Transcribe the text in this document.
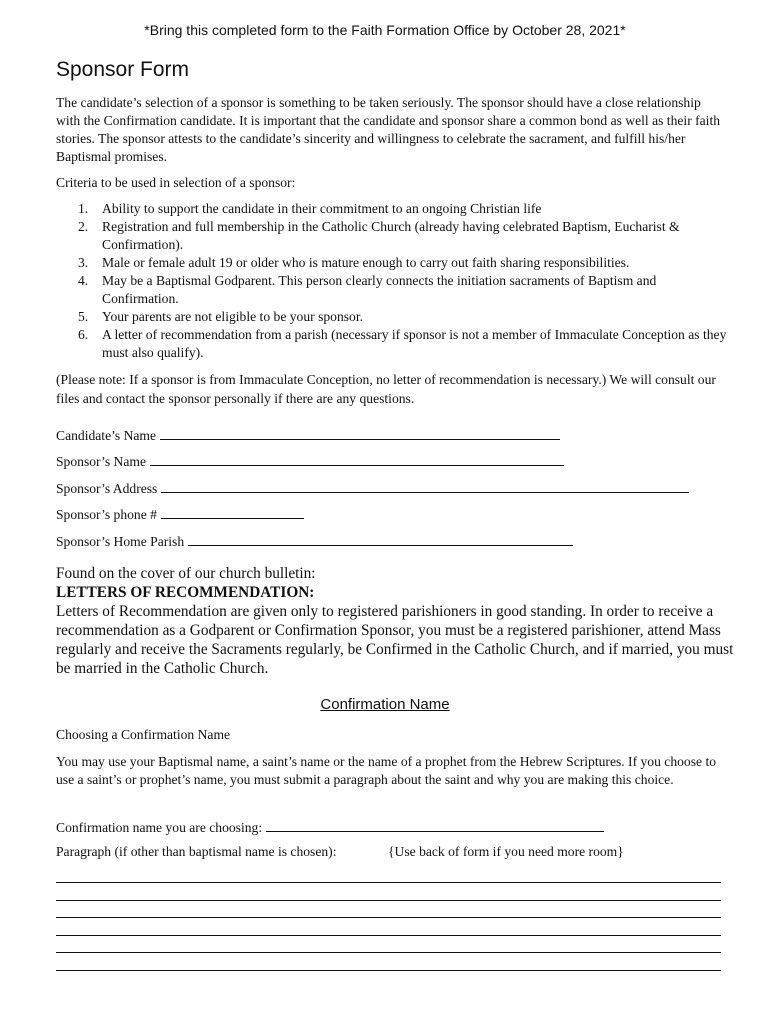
*Bring this completed form to the Faith Formation Office by October 28, 2021*

Sponsor Form

The candidate’s selection of a sponsor is something to be taken seriously. The sponsor should have a close relationship with the Confirmation candidate. It is important that the candidate and sponsor share a common bond as well as their faith stories. The sponsor attests to the candidate’s sincerity and willingness to celebrate the sacrament, and fulfill his/her Baptismal promises.

Criteria to be used in selection of a sponsor:

1. Ability to support the candidate in their commitment to an ongoing Christian life
2. Registration and full membership in the Catholic Church (already having celebrated Baptism, Eucharist & Confirmation).
3. Male or female adult 19 or older who is mature enough to carry out faith sharing responsibilities.
4. May be a Baptismal Godparent. This person clearly connects the initiation sacraments of Baptism and Confirmation.
5. Your parents are not eligible to be your sponsor.
6. A letter of recommendation from a parish (necessary if sponsor is not a member of Immaculate Conception as they must also qualify).

(Please note: If a sponsor is from Immaculate Conception, no letter of recommendation is necessary.) We will consult our files and contact the sponsor personally if there are any questions.

Candidate’s Name
Sponsor’s Name
Sponsor’s Address
Sponsor’s phone #
Sponsor’s Home Parish
Found on the cover of our church bulletin:
LETTERS OF RECOMMENDATION:
Letters of Recommendation are given only to registered parishioners in good standing. In order to receive a recommendation as a Godparent or Confirmation Sponsor, you must be a registered parishioner, attend Mass regularly and receive the Sacraments regularly, be Confirmed in the Catholic Church, and if married, you must be married in the Catholic Church.
Confirmation Name

Choosing a Confirmation Name

You may use your Baptismal name, a saint’s name or the name of a prophet from the Hebrew Scriptures. If you choose to use a saint’s or prophet’s name, you must submit a paragraph about the saint and why you are making this choice.

Confirmation name you are choosing:
Paragraph (if other than baptismal name is chosen):	{Use back of form if you need more room}
